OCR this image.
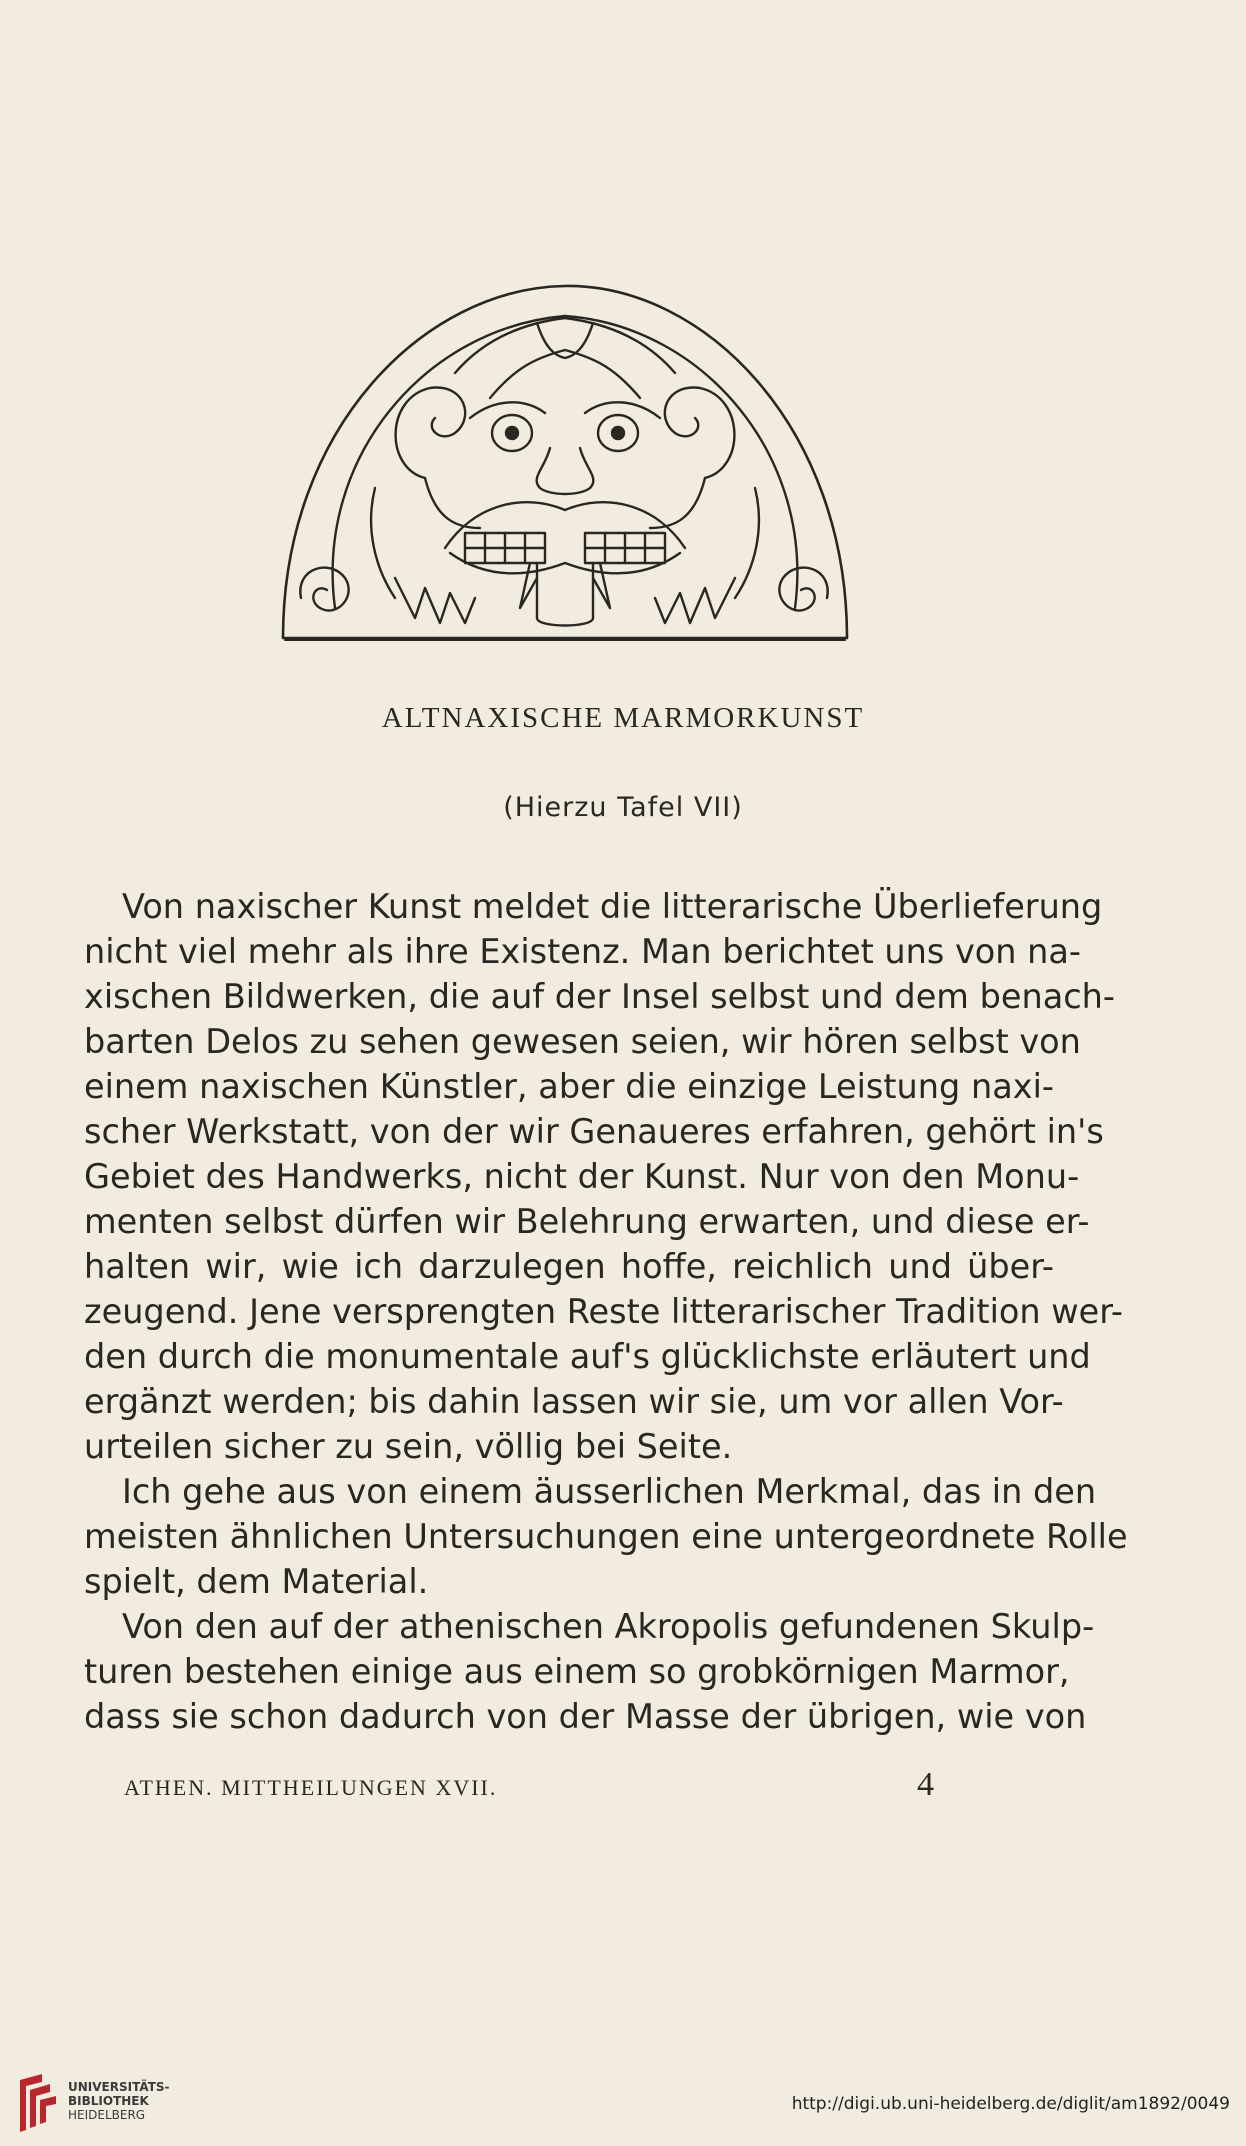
ALTNAXISCHE MARMORKUNST
(Hierzu Tafel VII)
Von naxischer Kunst meldet die litterarische Überlieferung
nicht viel mehr als ihre Existenz. Man berichtet uns von na-
xischen Bildwerken, die auf der Insel selbst und dem benach-
barten Delos zu sehen gewesen seien, wir hören selbst von
einem naxischen Künstler, aber die einzige Leistung naxi-
scher Werkstatt, von der wir Genaueres erfahren, gehört in's
Gebiet des Handwerks, nicht der Kunst. Nur von den Monu-
menten selbst dürfen wir Belehrung erwarten, und diese er-
halten wir, wie ich darzulegen hoffe, reichlich und über-
zeugend. Jene versprengten Reste litterarischer Tradition wer-
den durch die monumentale auf's glücklichste erläutert und
ergänzt werden; bis dahin lassen wir sie, um vor allen Vor-
urteilen sicher zu sein, völlig bei Seite.
Ich gehe aus von einem äusserlichen Merkmal, das in den
meisten ähnlichen Untersuchungen eine untergeordnete Rolle
spielt, dem Material.
Von den auf der athenischen Akropolis gefundenen Skulp-
turen bestehen einige aus einem so grobkörnigen Marmor,
dass sie schon dadurch von der Masse der übrigen, wie von
ATHEN. MITTHEILUNGEN XVII.	4
UNIVERSITÄTS-
BIBLIOTHEK
HEIDELBERG
http://digi.ub.uni-heidelberg.de/diglit/am1892/0049
